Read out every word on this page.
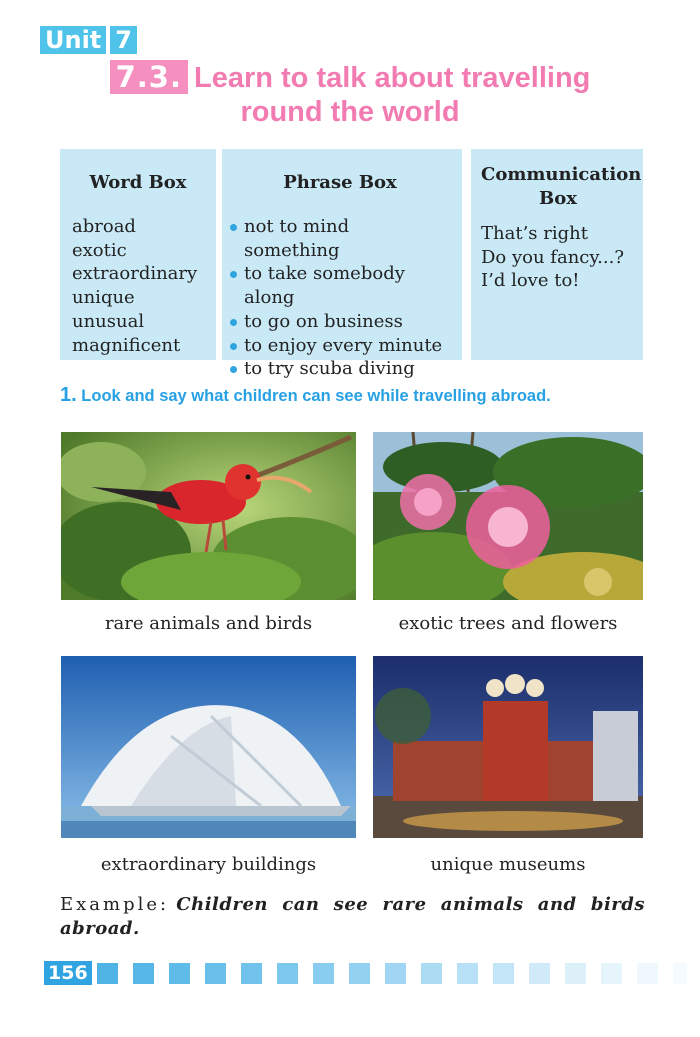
Unit 7
7.3. Learn to talk about travelling
round the world
Word Box
abroad
exotic
extraordinary
unique
unusual
magnificent
Phrase Box
not to mind something
to take somebody along
to go on business
to enjoy every minute
to try scuba diving
Communication Box
That’s right
Do you fancy...?
I’d love to!
1. Look and say what children can see while travelling abroad.
rare animals and birds	exotic trees and flowers
extraordinary buildings	unique museums
Example: Children can see rare animals and birds abroad.
156
